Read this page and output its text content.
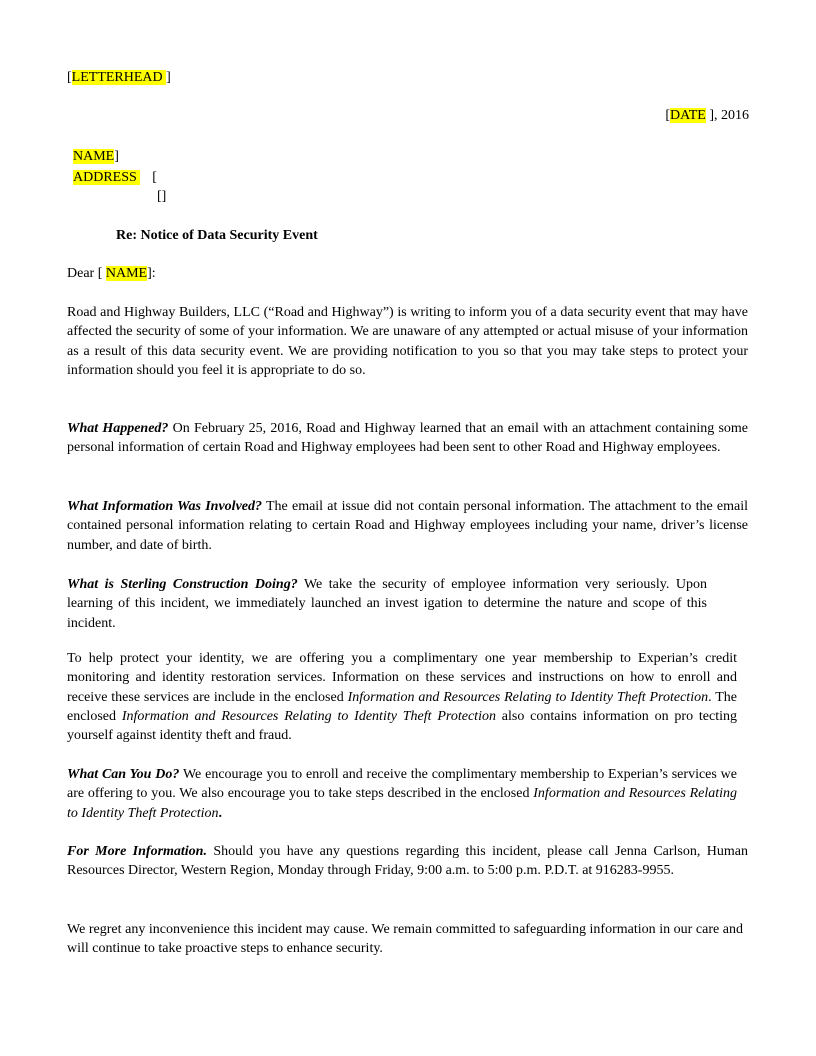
[LETTERHEAD ]
[DATE ], 2016
NAME]
ADDRESS [
[]
Re: Notice of Data Security Event
Dear [ NAME]:

Road and Highway Builders, LLC (“Road and Highway”) is writing to inform you of a data security event that may have affected the security of some of your information. We are unaware of any attempted or actual misuse of your information as a result of this data security event. We are providing notification to you so that you may take steps to protect your information should you feel it is appropriate to do so.

What Happened? On February 25, 2016, Road and Highway learned that an email with an attachment containing some personal information of certain Road and Highway employees had been sent to other Road and Highway employees.

What Information Was Involved? The email at issue did not contain personal information. The attachment to the email contained personal information relating to certain Road and Highway employees including your name, driver’s license number, and date of birth.

What is Sterling Construction Doing? We take the security of employee information very seriously. Upon learning of this incident, we immediately launched an invest igation to determine the nature and scope of this incident.

To help protect your identity, we are offering you a complimentary one year membership to Experian’s credit monitoring and identity restoration services. Information on these services and instructions on how to enroll and receive these services are include in the enclosed Information and Resources Relating to Identity Theft Protection. The enclosed Information and Resources Relating to Identity Theft Protection also contains information on pro tecting yourself against identity theft and fraud.

What Can You Do? We encourage you to enroll and receive the complimentary membership to Experian’s services we are offering to you. We also encourage you to take steps described in the enclosed Information and Resources Relating to Identity Theft Protection.

For More Information. Should you have any questions regarding this incident, please call Jenna Carlson, Human Resources Director, Western Region, Monday through Friday, 9:00 a.m. to 5:00 p.m. P.D.T. at 916283-9955.

We regret any inconvenience this incident may cause. We remain committed to safeguarding information in our care and will continue to take proactive steps to enhance security.
